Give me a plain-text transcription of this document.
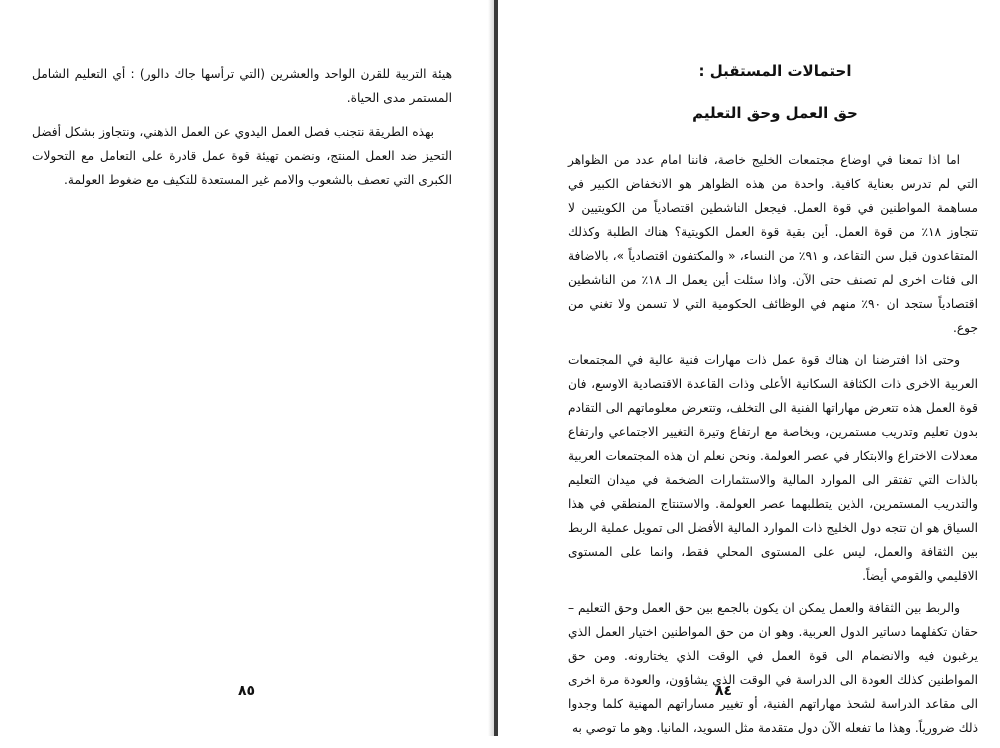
هيئة التربية للقرن الواحد والعشرين (التي ترأسها جاك دالور) : أي التعليم الشامل المستمر مدى الحياة.

بهذه الطريقة نتجنب فصل العمل اليدوي عن العمل الذهني، ونتجاوز بشكل أفضل التحيز ضد العمل المنتج، ونضمن تهيئة قوة عمل قادرة على التعامل مع التحولات الكبرى التي تعصف بالشعوب والامم غير المستعدة للتكيف مع ضغوط العولمة.

٨٥
احتمالات المستقبل :
حق العمل وحق التعليم

اما اذا تمعنا في اوضاع مجتمعات الخليج خاصة، فاننا امام عدد من الظواهر التي لم تدرس بعناية كافية. واحدة من هذه الظواهر هو الانخفاض الكبير في مساهمة المواطنين في قوة العمل. فيجعل الناشطين اقتصادياً من الكويتيين لا تتجاوز ١٨٪ من قوة العمل. أين بقية قوة العمل الكويتية؟ هناك الطلبة وكذلك المتقاعدون قبل سن التقاعد، و ٩١٪ من النساء، « والمكتفون اقتصادياً »، بالاضافة الى فئات اخرى لم تصنف حتى الآن. واذا سئلت أين يعمل الـ ١٨٪ من الناشطين اقتصادياً ستجد ان ٩٠٪ منهم في الوظائف الحكومية التي لا تسمن ولا تغني من جوع.

وحتى اذا افترضنا ان هناك قوة عمل ذات مهارات فنية عالية في المجتمعات العربية الاخرى ذات الكثافة السكانية الأعلى وذات القاعدة الاقتصادية الاوسع، فان قوة العمل هذه تتعرض مهاراتها الفنية الى التخلف، وتتعرض معلوماتهم الى التقادم بدون تعليم وتدريب مستمرين، وبخاصة مع ارتفاع وتيرة التغيير الاجتماعي وارتفاع معدلات الاختراع والابتكار في عصر العولمة. ونحن نعلم ان هذه المجتمعات العربية بالذات التي تفتقر الى الموارد المالية والاستثمارات الضخمة في ميدان التعليم والتدريب المستمرين، الذين يتطلبهما عصر العولمة. والاستنتاج المنطقي في هذا السياق هو ان تتجه دول الخليج ذات الموارد المالية الأفضل الى تمويل عملية الربط بين الثقافة والعمل، ليس على المستوى المحلي فقط، وانما على المستوى الاقليمي والقومي أيضاً.

والربط بين الثقافة والعمل يمكن ان يكون بالجمع بين حق العمل وحق التعليم – حقان تكفلهما دساتير الدول العربية. وهو ان من حق المواطنين اختيار العمل الذي يرغبون فيه والانضمام الى قوة العمل في الوقت الذي يختارونه. ومن حق المواطنين كذلك العودة الى الدراسة في الوقت الذي يشاؤون، والعودة مرة اخرى الى مقاعد الدراسة لشحذ مهاراتهم الفنية، أو تغيير مساراتهم المهنية كلما وجدوا ذلك ضرورياً. وهذا ما تفعله الآن دول متقدمة مثل السويد، المانيا. وهو ما توصي به

٨٤
